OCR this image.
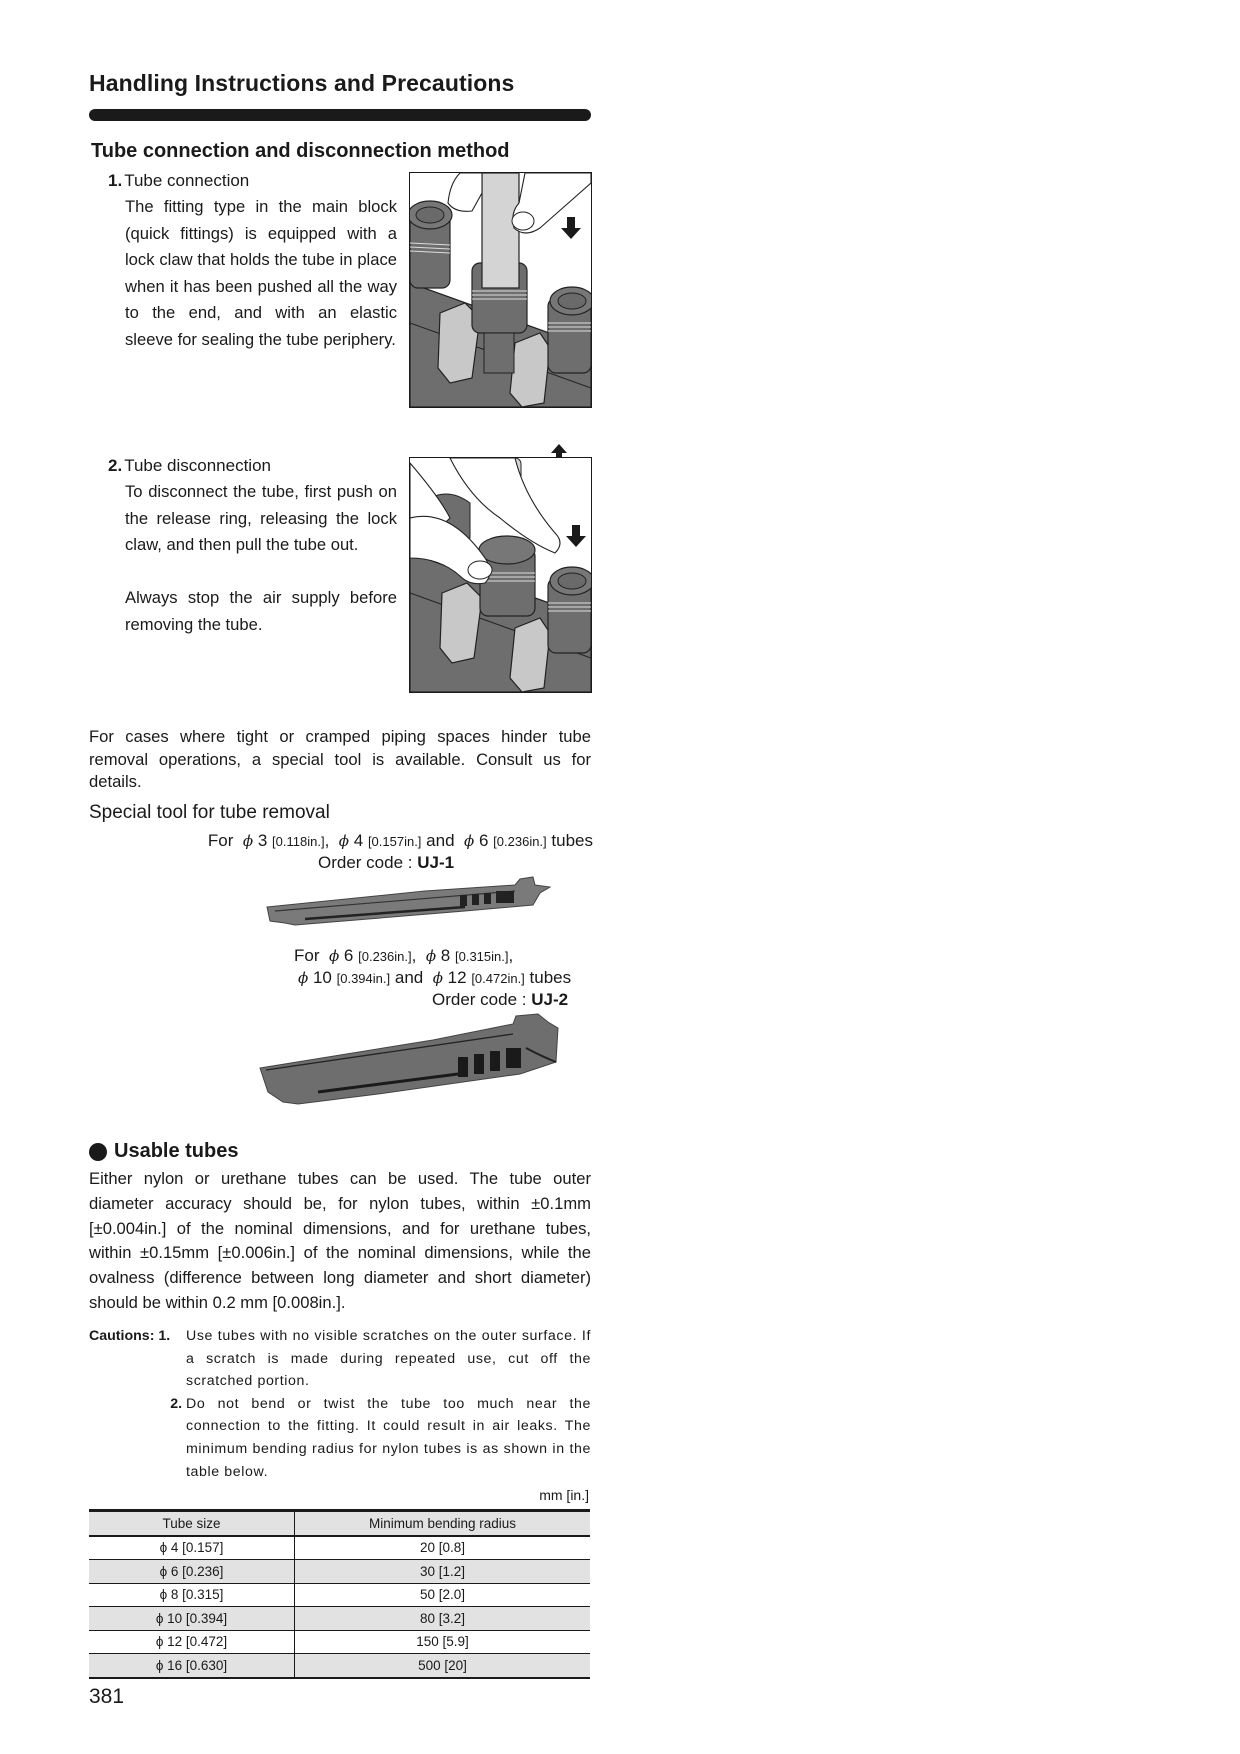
Handling Instructions and Precautions
Tube connection and disconnection method
1. Tube connection
The fitting type in the main block (quick fittings) is equipped with a lock claw that holds the tube in place when it has been pushed all the way to the end, and with an elastic sleeve for sealing the tube periphery.
2. Tube disconnection
To disconnect the tube, first push on the release ring, releasing the lock claw, and then pull the tube out.
Always stop the air supply before removing the tube.
For cases where tight or cramped piping spaces hinder tube removal operations, a special tool is available. Consult us for details.
Special tool for tube removal
For ϕ 3 [0.118in.], ϕ 4 [0.157in.] and ϕ 6 [0.236in.] tubes
Order code : UJ-1
For ϕ 6 [0.236in.], ϕ 8 [0.315in.],
ϕ 10 [0.394in.] and ϕ 12 [0.472in.] tubes
Order code : UJ-2
Usable tubes
Either nylon or urethane tubes can be used. The tube outer diameter accuracy should be, for nylon tubes, within ±0.1mm [±0.004in.] of the nominal dimensions, and for urethane tubes, within ±0.15mm [±0.006in.] of the nominal dimensions, while the ovalness (difference between long diameter and short diameter) should be within 0.2 mm [0.008in.].
Cautions: 1.	Use tubes with no visible scratches on the outer surface. If a scratch is made during repeated use, cut off the scratched portion.
2. Do not bend or twist the tube too much near the connection to the fitting. It could result in air leaks. The minimum bending radius for nylon tubes is as shown in the table below.
mm [in.]
Tube size	Minimum bending radius
ϕ 4 [0.157]	20 [0.8]
ϕ 6 [0.236]	30 [1.2]
ϕ 8 [0.315]	50 [2.0]
ϕ 10 [0.394]	80 [3.2]
ϕ 12 [0.472]	150 [5.9]
ϕ 16 [0.630]	500 [20]
381
